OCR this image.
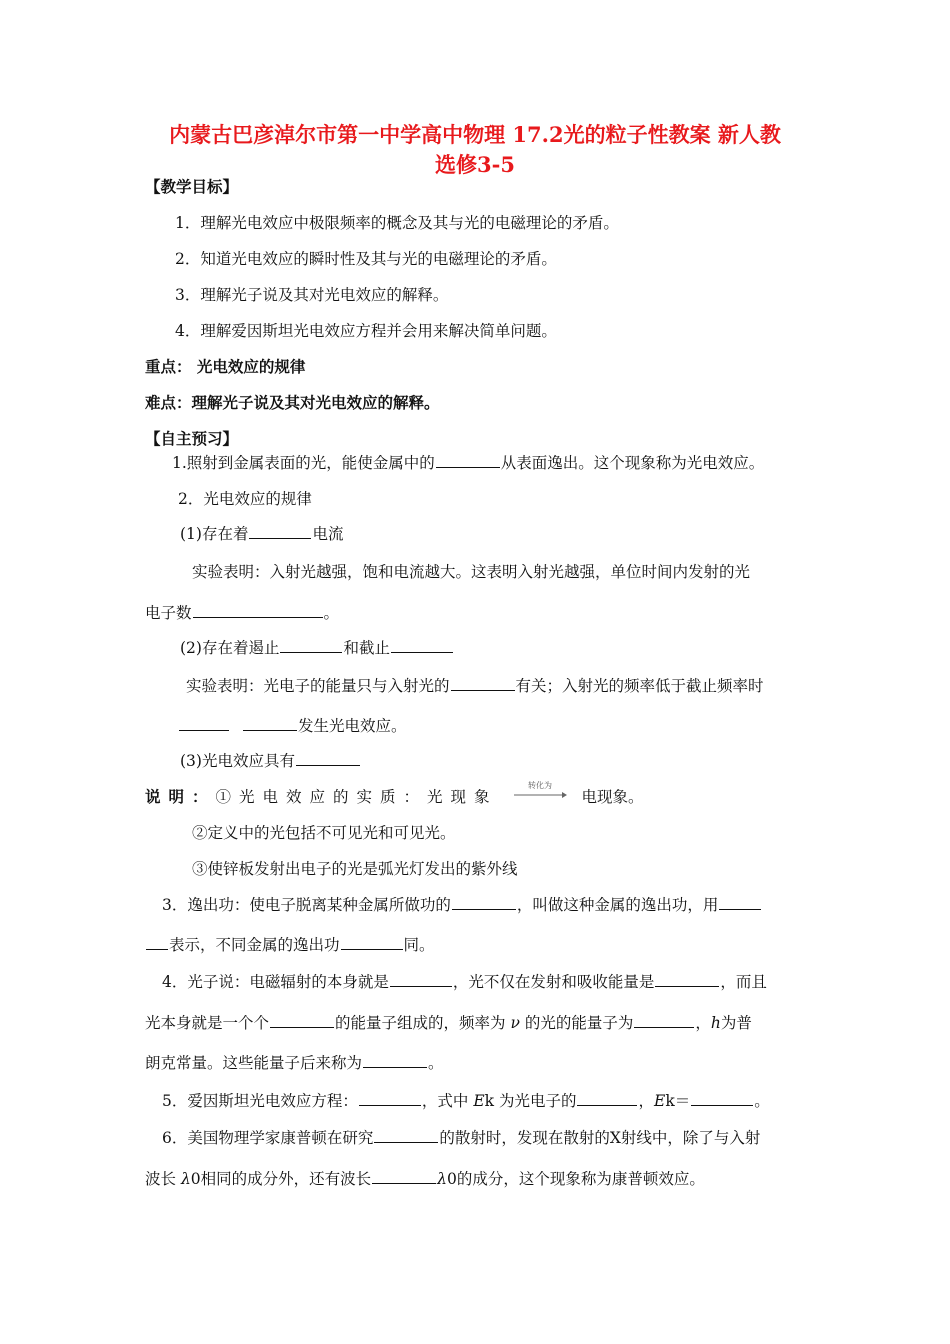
内蒙古巴彦淖尔市第一中学高中物理 17.2光的粒子性教案 新人教
选修3-5
【教学目标】
1．理解光电效应中极限频率的概念及其与光的电磁理论的矛盾。
2．知道光电效应的瞬时性及其与光的电磁理论的矛盾。
3．理解光子说及其对光电效应的解释。
4．理解爱因斯坦光电效应方程并会用来解决简单问题。
重点： 光电效应的规律
难点：理解光子说及其对光电效应的解释。
【自主预习】
1.照射到金属表面的光，能使金属中的	从表面逸出。这个现象称为光电效应。
2．光电效应的规律
(1)存在着	电流
实验表明：入射光越强，饱和电流越大。这表明入射光越强，单位时间内发射的光
电子数	。
(2)存在着遏止	和截止
实验表明：光电子的能量只与入射光的	有关；入射光的频率低于截止频率时
发生光电效应。
(3)光电效应具有
说明：①光电效应的实质：光现象
转化为
电现象。
②定义中的光包括不可见光和可见光。
③使锌板发射出电子的光是弧光灯发出的紫外线
3．逸出功：使电子脱离某种金属所做功的	，叫做这种金属的逸出功，用
表示，不同金属的逸出功	同。
4．光子说：电磁辐射的本身就是	，光不仅在发射和吸收能量是	，而且
光本身就是一个个	的能量子组成的，频率为 ν 的光的能量子为	，h为普
朗克常量。这些能量子后来称为	。
5．爱因斯坦光电效应方程：	，式中 Ek 为光电子的	，Ek＝	。
6．美国物理学家康普顿在研究	的散射时，发现在散射的X射线中，除了与入射
波长 λ0相同的成分外，还有波长	λ0的成分，这个现象称为康普顿效应。
